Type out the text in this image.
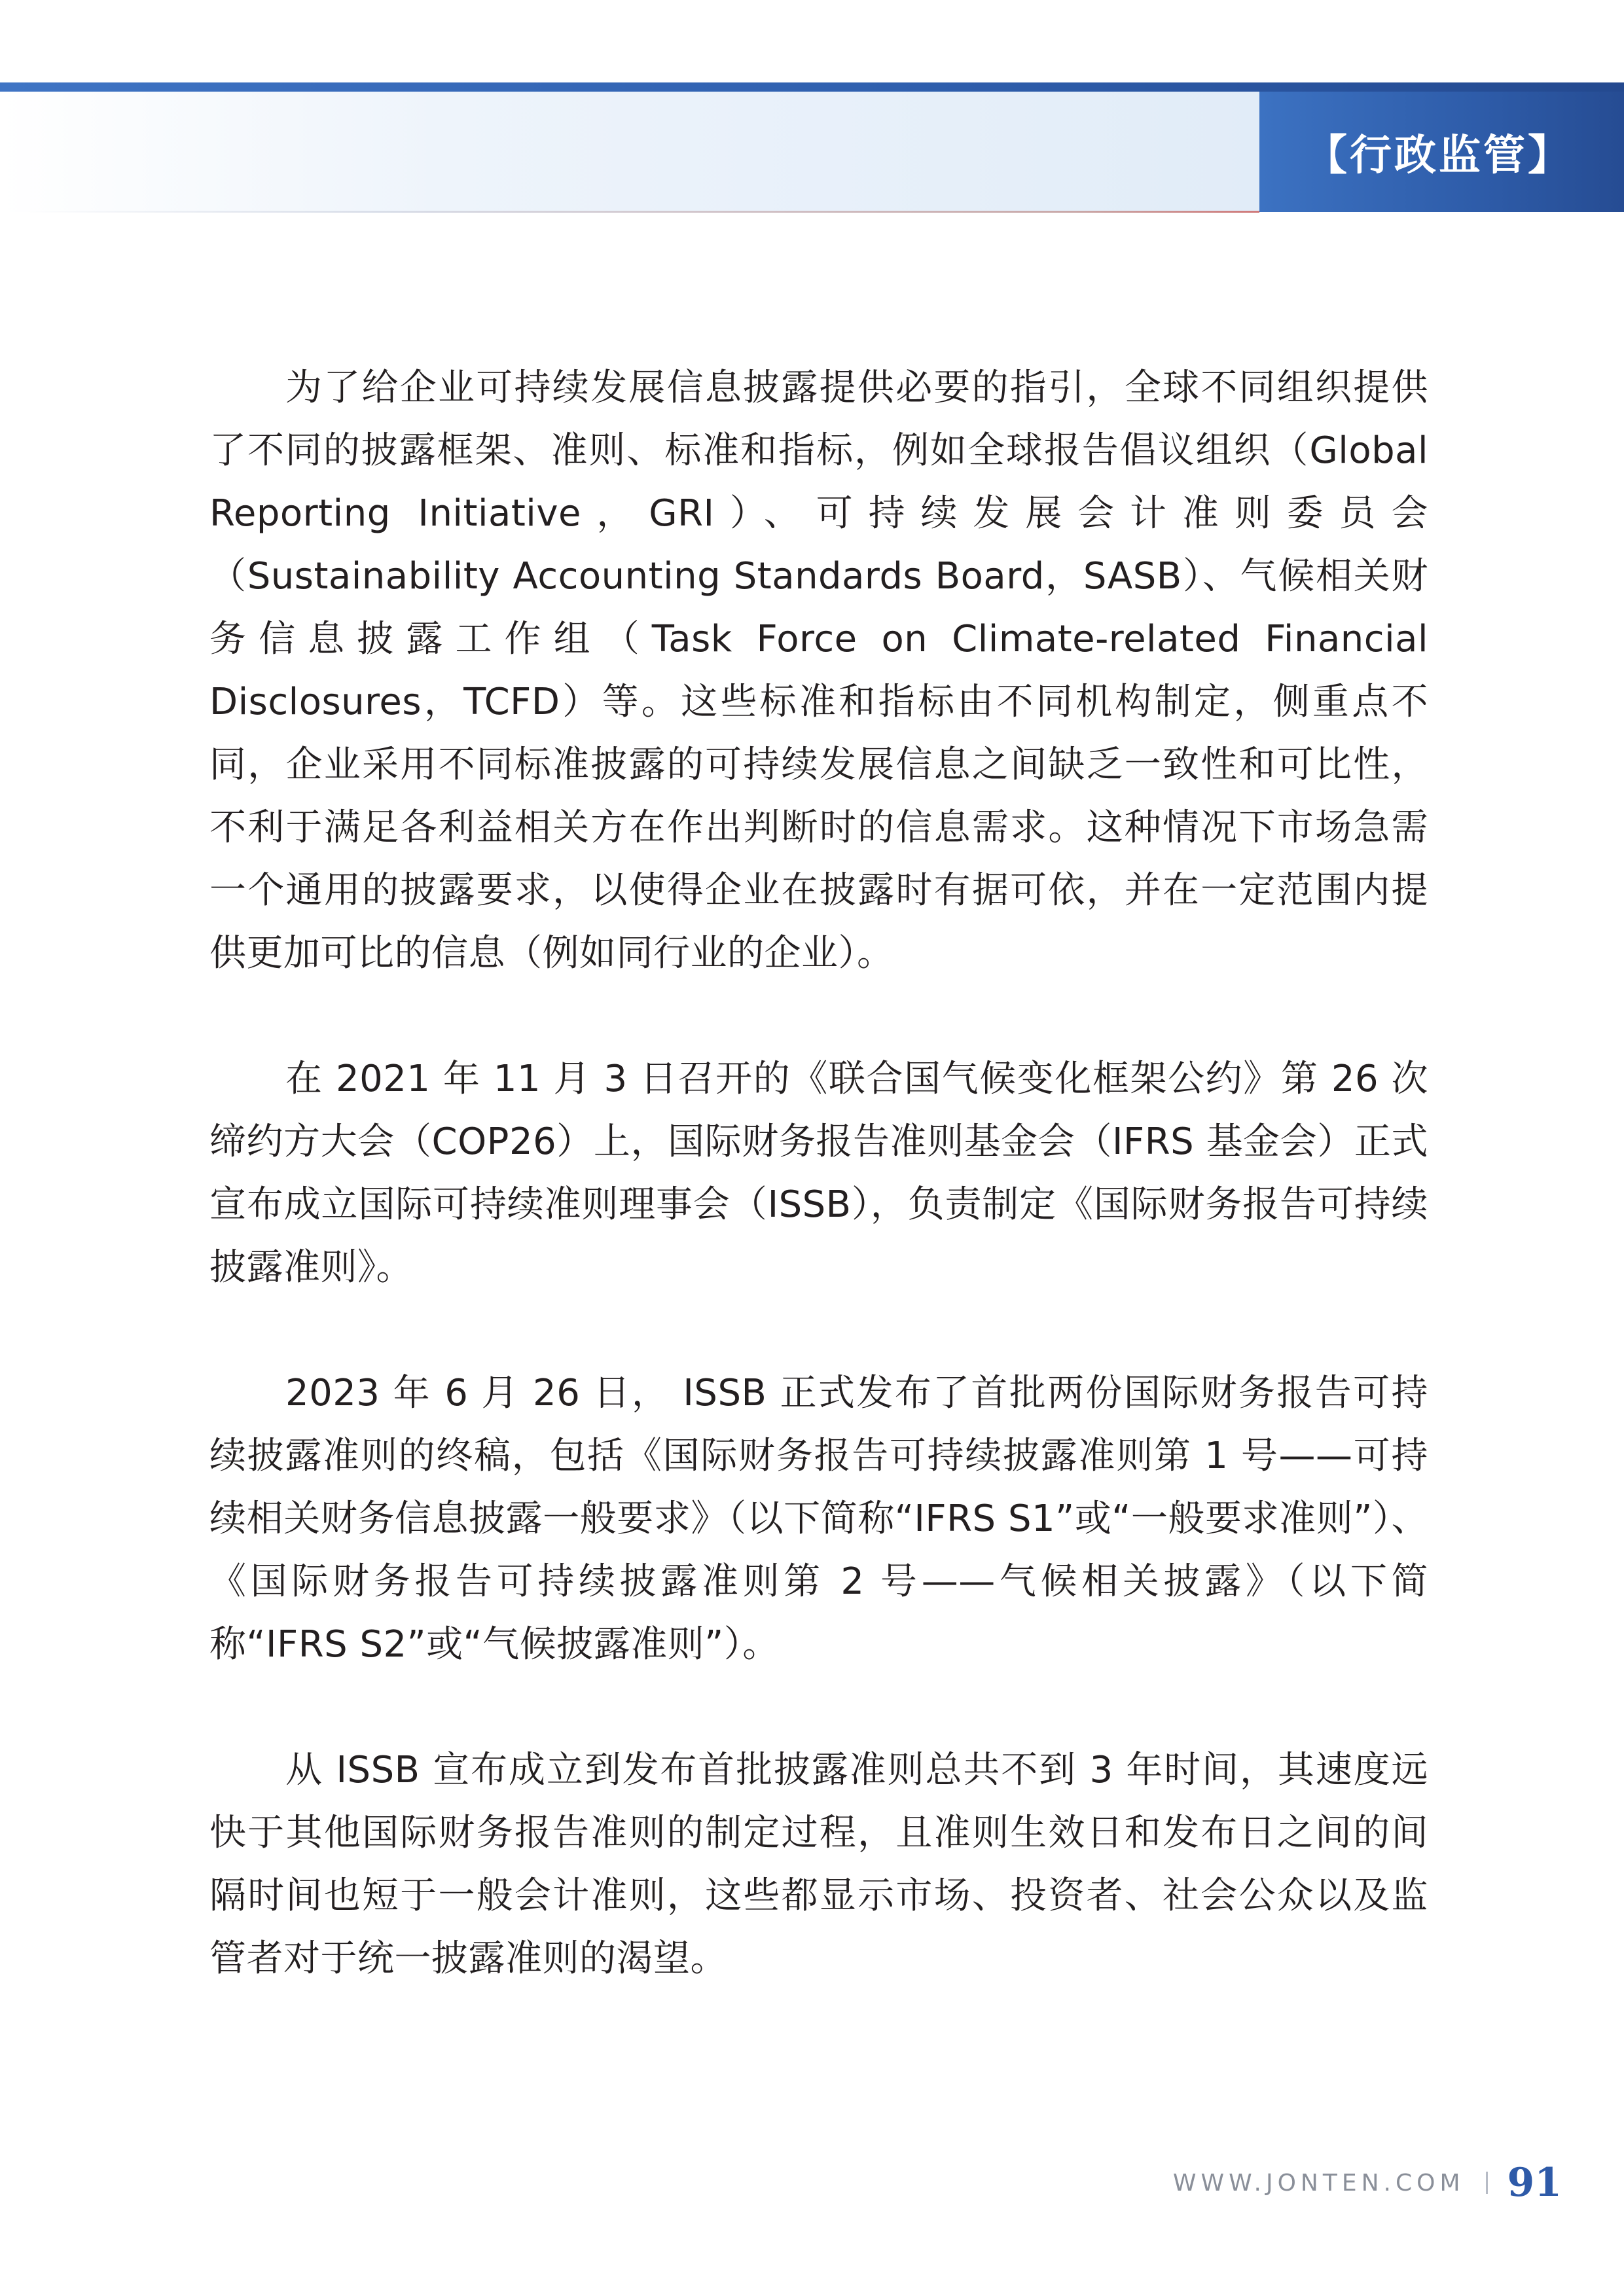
【行政监管】

为了给企业可持续发展信息披露提供必要的指引，全球不同组织提供了不同的披露框架、准则、标准和指标，例如全球报告倡议组织（Global Reporting Initiative，GRI）、可持续发展会计准则委员会（Sustainability Accounting Standards Board，SASB）、气候相关财务信息披露工作组（Task Force on Climate-related Financial Disclosures，TCFD）等。这些标准和指标由不同机构制定，侧重点不同，企业采用不同标准披露的可持续发展信息之间缺乏一致性和可比性，不利于满足各利益相关方在作出判断时的信息需求。这种情况下市场急需一个通用的披露要求，以使得企业在披露时有据可依，并在一定范围内提供更加可比的信息（例如同行业的企业）。

在 2021 年 11 月 3 日召开的《联合国气候变化框架公约》第 26 次缔约方大会（COP26）上，国际财务报告准则基金会（IFRS 基金会）正式宣布成立国际可持续准则理事会（ISSB），负责制定《国际财务报告可持续披露准则》。

2023 年 6 月 26 日， ISSB 正式发布了首批两份国际财务报告可持续披露准则的终稿，包括《国际财务报告可持续披露准则第 1 号——可持续相关财务信息披露一般要求》（以下简称“IFRS S1”或“一般要求准则”）、《国际财务报告可持续披露准则第 2 号——气候相关披露》（以下简称“IFRS S2”或“气候披露准则”）。

从 ISSB 宣布成立到发布首批披露准则总共不到 3 年时间，其速度远快于其他国际财务报告准则的制定过程，且准则生效日和发布日之间的间隔时间也短于一般会计准则，这些都显示市场、投资者、社会公众以及监管者对于统一披露准则的渴望。

WWW.JONTEN.COM 91
